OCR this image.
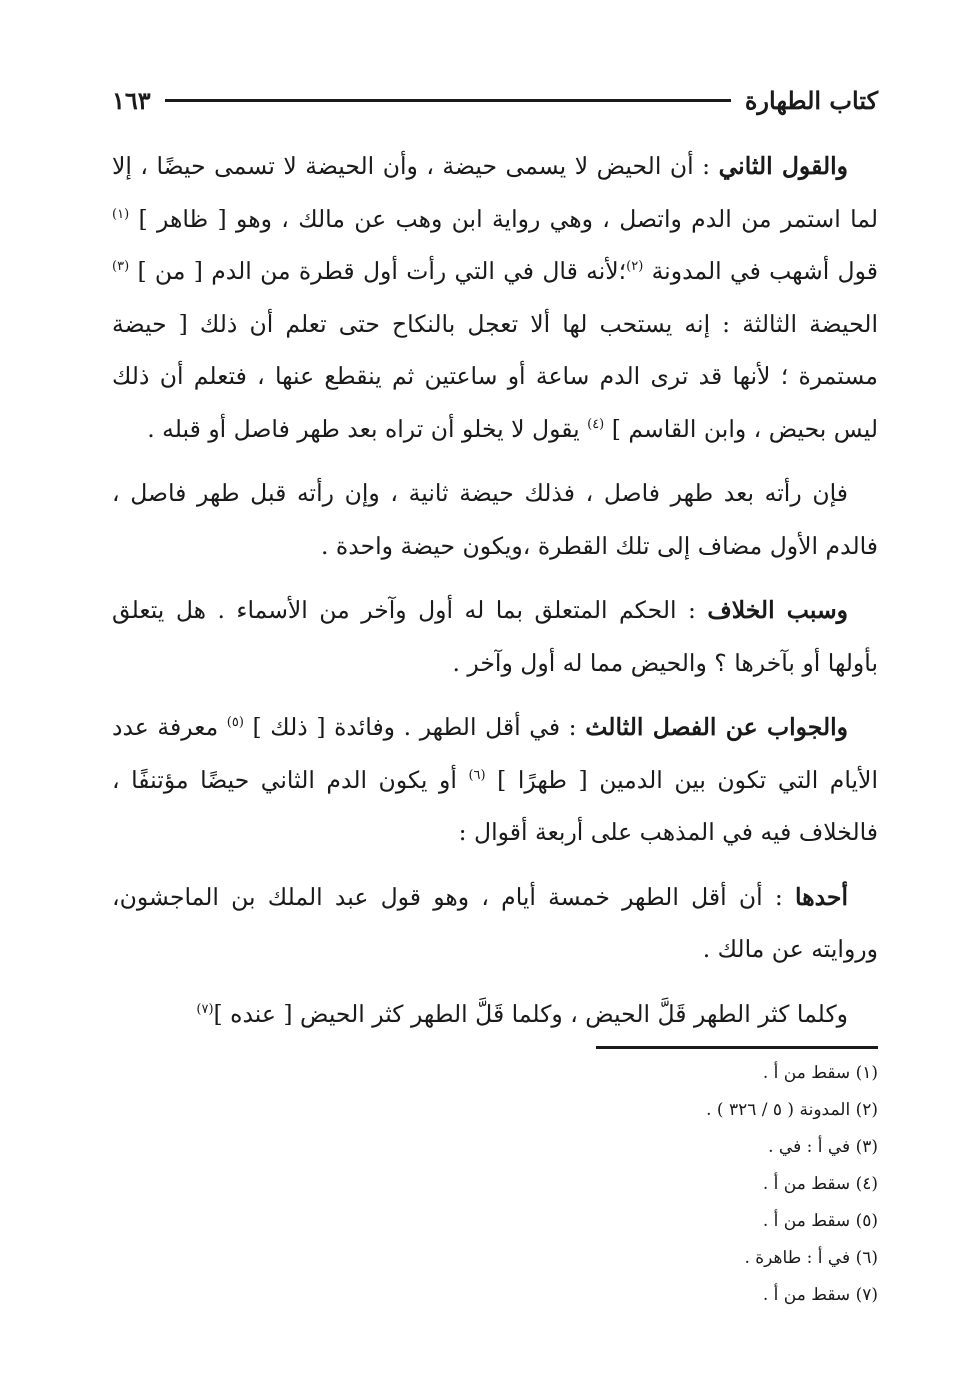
كتاب الطهارة
١٦٣

والقول الثاني : أن الحيض لا يسمى حيضة ، وأن الحيضة لا تسمى حيضًا ، إلا لما استمر من الدم واتصل ، وهي رواية ابن وهب عن مالك ، وهو [ ظاهر ] $^{(١)}$ قول أشهب في المدونة $^{(٢)}$؛لأنه قال في التي رأت أول قطرة من الدم [ من ] $^{(٣)}$ الحيضة الثالثة : إنه يستحب لها ألا تعجل بالنكاح حتى تعلم أن ذلك [ حيضة مستمرة ؛ لأنها قد ترى الدم ساعة أو ساعتين ثم ينقطع عنها ، فتعلم أن ذلك ليس بحيض ، وابن القاسم ] $^{(٤)}$ يقول لا يخلو أن تراه بعد طهر فاصل أو قبله .

فإن رأته بعد طهر فاصل ، فذلك حيضة ثانية ، وإن رأته قبل طهر فاصل ، فالدم الأول مضاف إلى تلك القطرة ،ويكون حيضة واحدة .

وسبب الخلاف : الحكم المتعلق بما له أول وآخر من الأسماء . هل يتعلق بأولها أو بآخرها ؟ والحيض مما له أول وآخر .

والجواب عن الفصل الثالث : في أقل الطهر . وفائدة [ ذلك ] $^{(٥)}$ معرفة عدد الأيام التي تكون بين الدمين [ طهرًا ] $^{(٦)}$ أو يكون الدم الثاني حيضًا مؤتنفًا ، فالخلاف فيه في المذهب على أربعة أقوال :

أحدها : أن أقل الطهر خمسة أيام ، وهو قول عبد الملك بن الماجشون، وروايته عن مالك .

وكلما كثر الطهر قَلَّ الحيض ، وكلما قَلَّ الطهر كثر الحيض [ عنده ]$^{(٧)}$

(١) سقط من أ .
(٢) المدونة ( ٥ / ٣٢٦ ) .
(٣) في أ : في .
(٤) سقط من أ .
(٥) سقط من أ .
(٦) في أ : طاهرة .
(٧) سقط من أ .
